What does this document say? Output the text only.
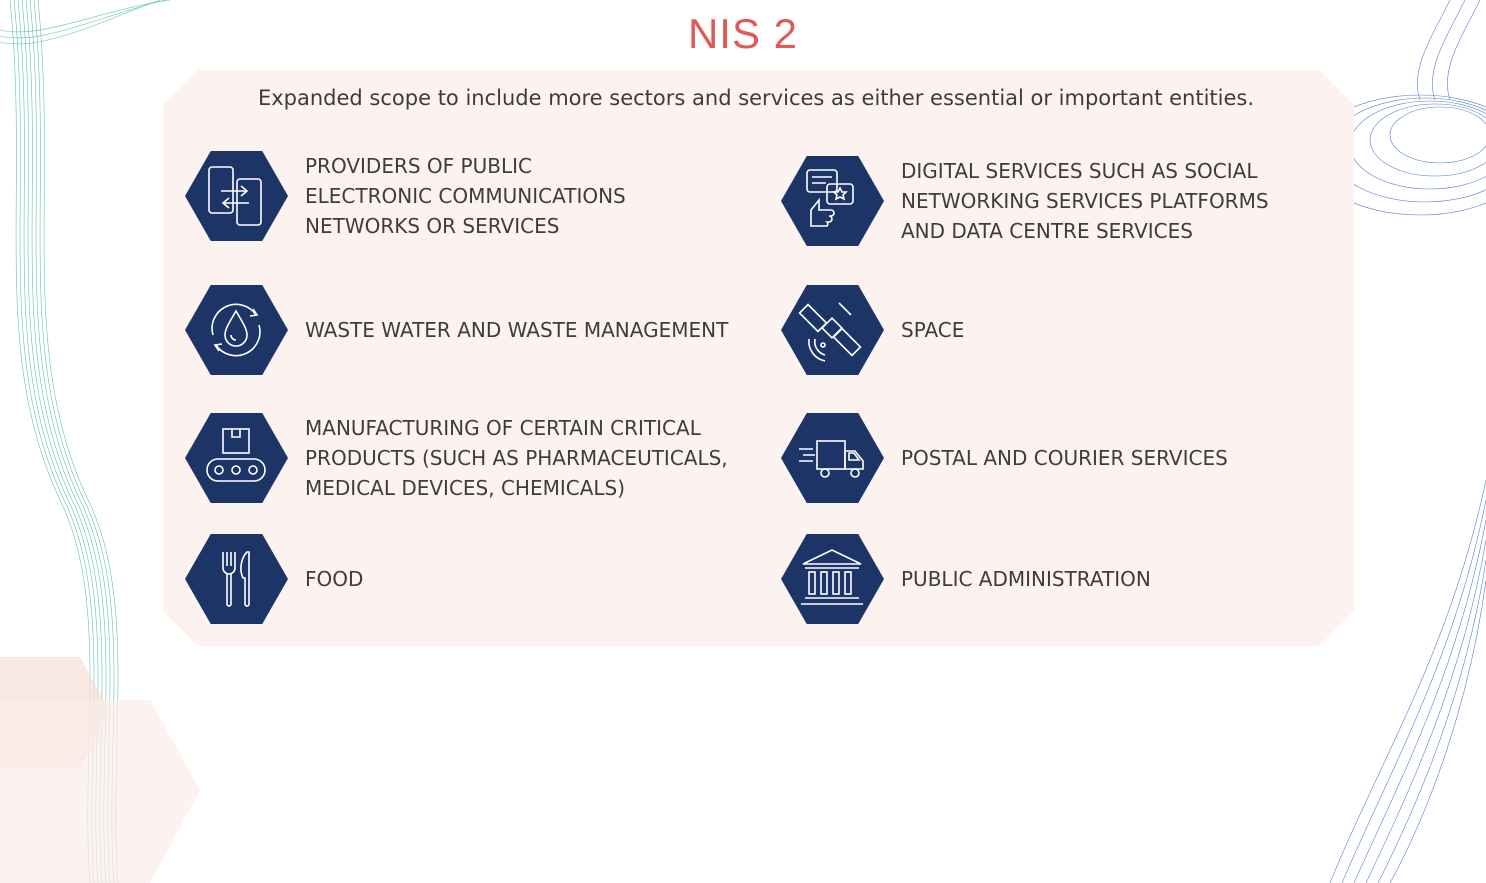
NIS 2
Expanded scope to include more sectors and services as either essential or important entities.
PROVIDERS OF PUBLIC
ELECTRONIC COMMUNICATIONS
NETWORKS OR SERVICES
DIGITAL SERVICES SUCH AS SOCIAL
NETWORKING SERVICES PLATFORMS
AND DATA CENTRE SERVICES
WASTE WATER AND WASTE MANAGEMENT	SPACE
MANUFACTURING OF CERTAIN CRITICAL
PRODUCTS (SUCH AS PHARMACEUTICALS,
MEDICAL DEVICES, CHEMICALS)
POSTAL AND COURIER SERVICES
FOOD	PUBLIC ADMINISTRATION
